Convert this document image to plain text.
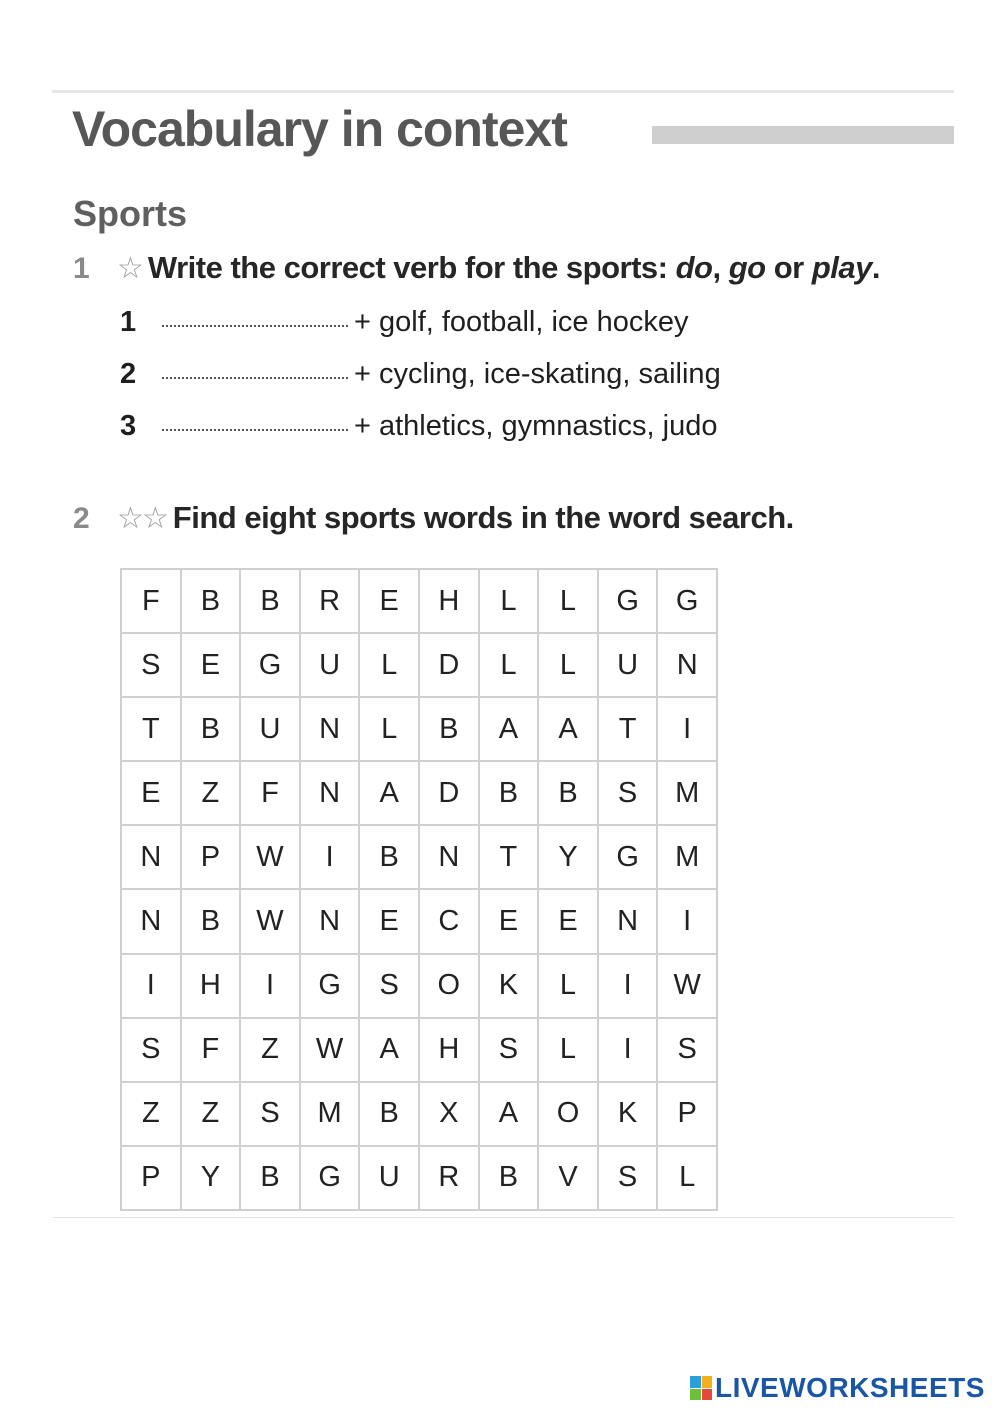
Vocabulary in context
Sports
1 ☆ Write the correct verb for the sports: do, go or play.
1	+ golf, football, ice hockey
2	+ cycling, ice-skating, sailing
3	+ athletics, gymnastics, judo
2 ☆☆ Find eight sports words in the word search.
F	B	B	R	E	H	L	L	G	G
S	E	G	U	L	D	L	L	U	N
T	B	U	N	L	B	A	A	T	I
E	Z	F	N	A	D	B	B	S	M
N	P	W	I	B	N	T	Y	G	M
N	B	W	N	E	C	E	E	N	I
I	H	I	G	S	O	K	L	I	W
S	F	Z	W	A	H	S	L	I	S
Z	Z	S	M	B	X	A	O	K	P
P	Y	B	G	U	R	B	V	S	L
LIVEWORKSHEETS
